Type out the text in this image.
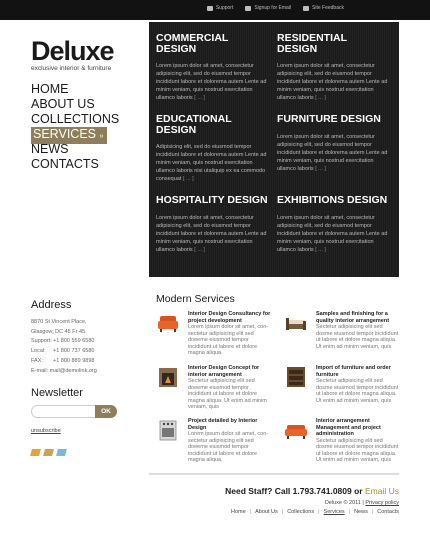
Support	Signup for Email	Site Feedback
Deluxe
exclusive interior & furniture
HOME
ABOUT US
COLLECTIONS
SERVICES »
NEWS
CONTACTS
COMMERCIAL DESIGN

Lorem ipsum dolor sit amet, consectetur adipisicing elit, sed do eiusmod tempor incididunt labore et dolorema autem Lente ad minim veniam, quis nostrud exercitation ullamco laboris [ ... ]

RESIDENTIAL DESIGN

Lorem ipsum dolor sit amet, consectetur adipisicing elit, sed do eiusmod tempor incididunt labore et dolorema autem Lente ad minim veniam, quis nostrud exercitation ullamco laboris [ ... ]

EDUCATIONAL DESIGN

Adipisicing elit, sed do eiusmod tempor incididunt labore et dolorema autem Lente ad minim veniam, quis nostrud exercitation ullamco laboris nisi utaliquip ex ea commodo consequat [ ... ]

FURNITURE DESIGN

Lorem ipsum dolor sit amet, consectetur adipisicing elit, sed do eiusmod tempor incididunt labore et dolorema autem Lente ad minim veniam, quis nostrud exercitation ullamco laboris [ ... ]

HOSPITALITY DESIGN

Lorem ipsum dolor sit amet, consectetur adipisicing elit, sed do eiusmod tempor incididunt labore et dolorema autem Lente ad minim veniam, quis nostrud exercitation ullamco laboris [ ... ]

EXHIBITIONS DESIGN

Lorem ipsum dolor sit amet, consectetur adipisicing elit, sed do eiusmod tempor incididunt labore et dolorema autem Lente ad minim veniam, quis nostrud exercitation ullamco laboris [ ... ]

Address
8870 St Vincent Place,
Glasgow, DC 45 Fr 45.
Support: +1 800 559 6580
Local:	+1 800 737 6580
FAX:	+1 800 889 9898
E-mail: mail@demolink.org
Newsletter
OK
unsubscribe
Modern Services
Interior Design Consultancy for project development
Lorem ipsum dolor sit amet, con-sectetur adipisicing elit sed doeeme eiusmod tempor incididunt ut labore et dolore magna aliqua.
Samples and finishing for a quality interior arrangement
Sectetur adipisicing elit sed dosme eiusmod tempor incididunt ut labore et dolore magna aliqua. Ut enim ad minim veniam, quis
Interior Design Concept for interior arrangement
Sectetur adipisicing elit sed doeeme eiusmod tempor incididunt ut labore et dolore magna aliqua. Ut enim ad minim veniam, quis
Import of furniture and order furniture
Sectetur adipisicing elit sed dosme eiusmod tempor incididunt ut labore et dolore magna aliqua. Ut enim ad minim veniam, quis
Project detailed by Interior Design
Lorem ipsum dolor sit amet, con-sectetur adipisicing elit sed doeeme eiusmod tempor incididunt ut labore et dolore magna aliqua.
Interior arrangement Management and project administration
Sectetur adipisicing elit sed dosme eiusmod tempor incididunt ut labore et dolore magna aliqua. Ut enim ad minim veniam, quis
Need Staff? Call 1.793.741.0809 or Email Us
Deluxe © 2011 | Privacy policy
Home | About Us | Collections | Services | News | Contacts
